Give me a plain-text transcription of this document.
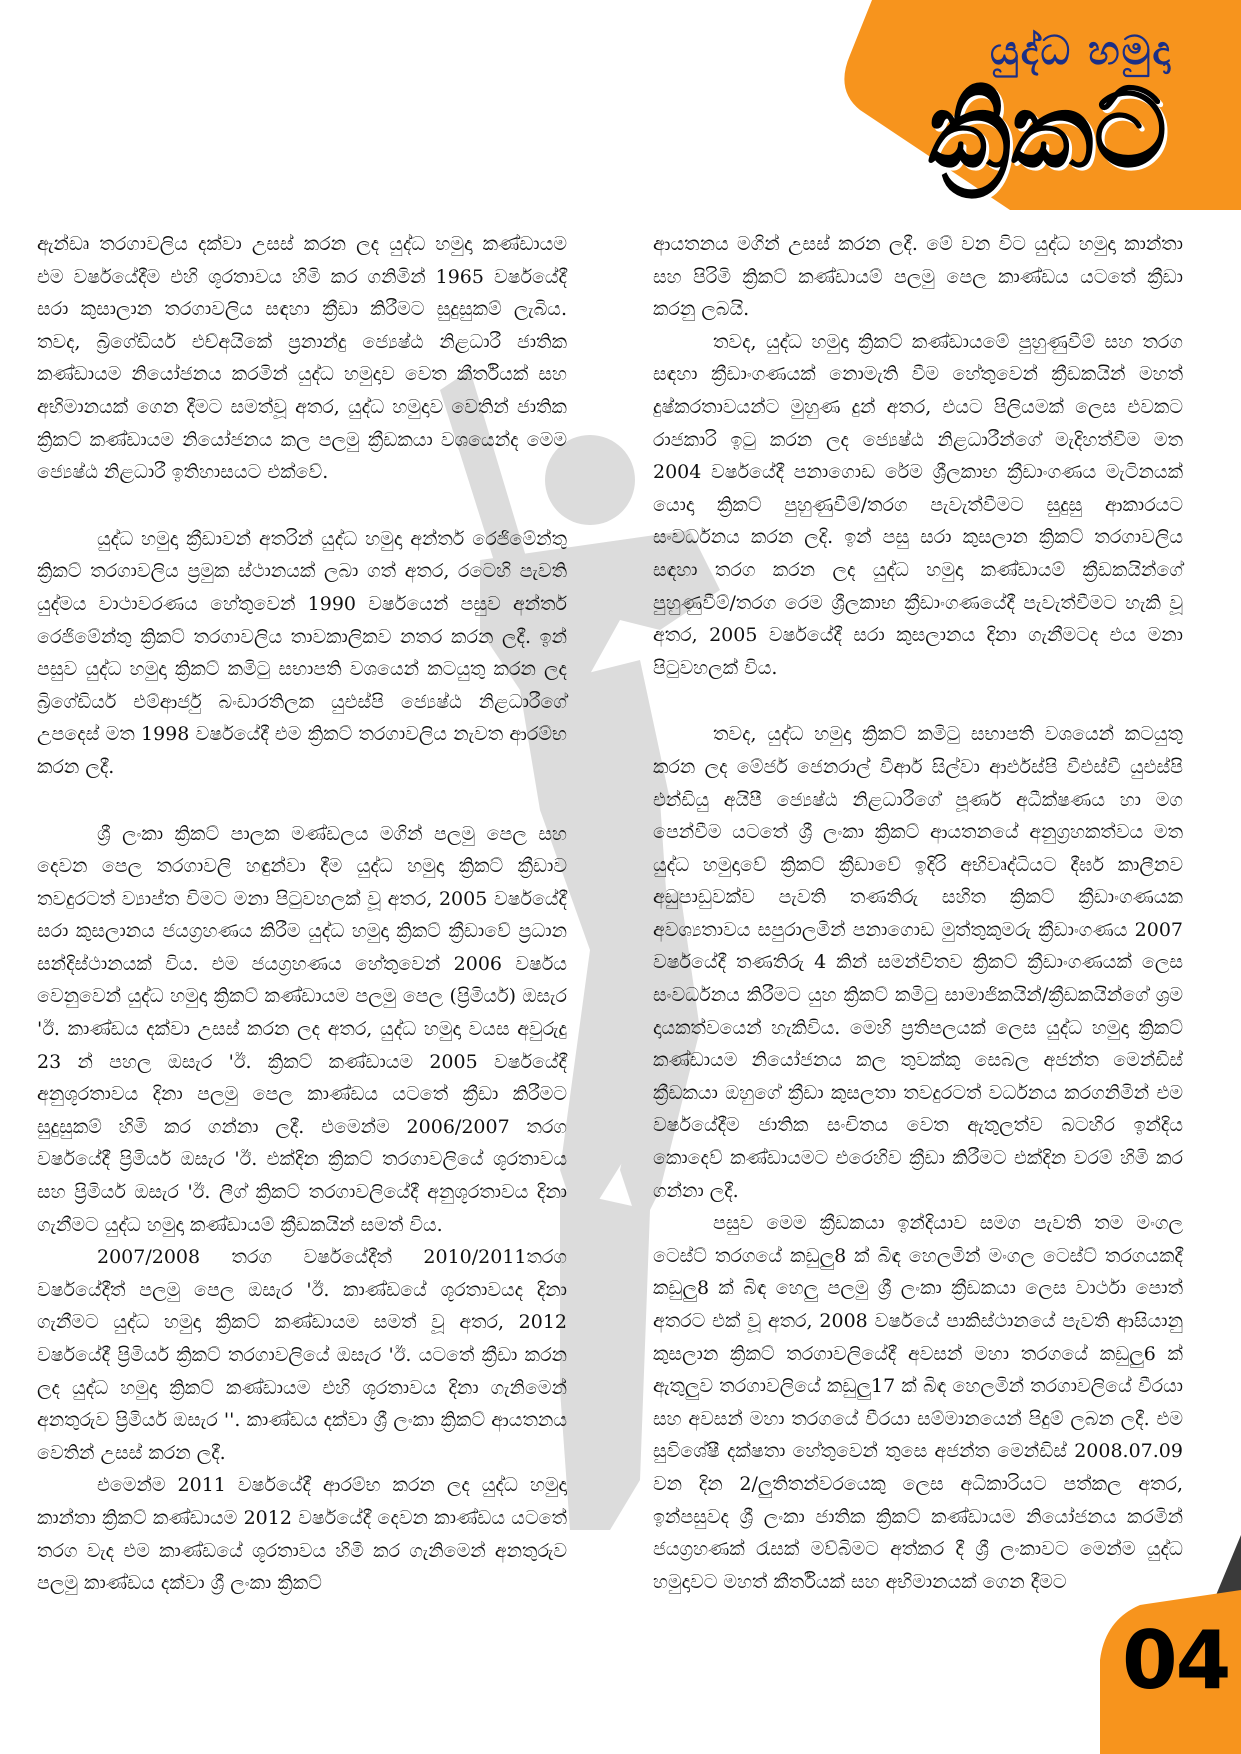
යුද්ධ හමුදා
ක්‍රිකට්

ඇන්ඩෘ තරගාවලිය දක්වා උසස් කරන ලද යුද්ධ හමුදා කණ්ඩායම එම වර්ෂයේදීම එහි ශූරතාවය හිමි කර ගනිමින් 1965 වර්ෂයේදී සරා කුසාලාන තරගාවලිය සඳහා ක්‍රීඩා කිරීමට සුදුසුකම් ලැබිය. තවද, බ්‍රිගේඩියර් එච්අයිකේ ප්‍රනාන්දු ජ්‍යෙෂ්ඨ නිළධාරී ජාතික කණ්ඩායම නියෝජනය කරමින් යුද්ධ හමුදාව වෙත කීර්තියක් සහ අභිමානයක් ගෙන දීමට සමත්වූ අතර, යුද්ධ හමුදාව වෙතින් ජාතික ක්‍රිකට් කණ්ඩායම නියෝජනය කල පලමු ක්‍රීඩකයා වශයෙන්ද මෙම ජ්‍යෙෂ්ඨ නිළධාරී ඉතිහාසයට එක්වේ.

යුද්ධ හමුදා ක්‍රීඩාවන් අතරින් යුද්ධ හමුදා අන්තර් රෙජිමේන්තු ක්‍රිකට් තරගාවලිය ප්‍රමුක ස්ථානයක් ලබා ගත් අතර, රටෙහි පැවති යුද්මය වාථාවරණය හේතුවෙන් 1990 වර්ෂයෙන් පසුව අන්තර් රෙජිමේන්තු ක්‍රිකට් තරගාවලිය තාවකාලිකව නතර කරන ලදී. ඉන් පසුව යුද්ධ හමුදා ක්‍රිකට් කමිටු සභාපති වශයෙන් කටයුතු කරන ලද බ්‍රිගේඩියර් එම්ආර්ජු බංඩාරතිලක යුඑස්පි ජ්‍යෙෂ්ඨ නිළධාරීගේ උපදෙස් මත 1998 වර්ෂයේදී එම ක්‍රිකට් තරගාවලිය නැවත ආරම්භ කරන ලදී.

ශ්‍රී ලංකා ක්‍රිකට් පාලක මණ්ඩලය මගින් පලමු පෙල සහ දෙවන පෙල තරගාවලි හඳුන්වා දීම යුද්ධ හමුදා ක්‍රිකට් ක්‍රීඩාව තවදුරටත් ව්‍යාප්ත විමට මනා පිටුවහලක් වූ අතර, 2005 වර්ෂයේදී සරා කුසලානය ජයග්‍රහණය කිරීම යුද්ධ හමුදා ක්‍රිකට් ක්‍රීඩාවේ ප්‍රධාන සන්දිස්ථානයක් විය. එම ජයග්‍රහණය හේතුවෙන් 2006 වර්ෂය වෙනුවෙන් යුද්ධ හමුදා ක්‍රිකට් කණ්ඩායම පලමු පෙල (ප්‍රිමියර්) ඔසැර 'ඊ. කාණ්ඩය දක්වා උසස් කරන ලද අතර, යුද්ධ හමුදා වයස අවුරුදු 23 න් පහල ඔසැර 'ඊ. ක්‍රිකට් කණ්ඩායම 2005 වර්ෂයේදී අනුශූරතාවය දිනා පලමු පෙල කාණ්ඩය යටතේ ක්‍රීඩා කිරීමට සුදුසුකම් හිමි කර ගන්නා ලදී. එමෙන්ම 2006/2007 තරග වර්ෂයේදී ප්‍රිමියර් ඔසැර 'ඊ. එක්දින ක්‍රිකට් තරගාවලියේ ශූරතාවය සහ ප්‍රිමියර් ඔසැර 'ඊ. ලීග් ක්‍රිකට් තරගාවලියේදී අනුශූරතාවය දිනා ගැනීමට යුද්ධ හමුදා කණ්ඩායම් ක්‍රීඩකයින් සමත් විය.

2007/2008 තරග වර්ෂයේදීත් 2010/2011තරග වර්ෂයේදීත් පලමු පෙල ඔසැර 'ඊ. කාණ්ඩයේ ශූරතාවයද දිනා ගැනීමට යුද්ධ හමුදා ක්‍රිකට් කණ්ඩායම සමත් වූ අතර, 2012 වර්ෂයේදී ප්‍රිමියර් ක්‍රිකට් තරගාවලියේ ඔසැර 'ඊ. යටතේ ක්‍රීඩා කරන ලද යුද්ධ හමුදා ක්‍රිකට් කණ්ඩායම එහි ශූරතාවය දිනා ගැනිමෙන් අනතුරුව ප්‍රිමියර් ඔසැර ''. කාණ්ඩය දක්වා ශ්‍රී ලංකා ක්‍රිකට් ආයතනය වෙතින් උසස් කරන ලදී.

එමෙන්ම 2011 වර්ෂයේදී ආරම්භ කරන ලද යුද්ධ හමුදා කාන්තා ක්‍රිකට් කණ්ඩායම 2012 වර්ෂයේදී දෙවන කාණ්ඩය යටතේ තරග වැද එම කාණ්ඩයේ ශූරතාවය හිමි කර ගැනිමෙන් අනතුරුව පලමු කාණ්ඩය දක්වා ශ්‍රී ලංකා ක්‍රිකට්

ආයතනය මගින් උසස් කරන ලදී. මේ වන විට යුද්ධ හමුදා කාන්තා සහ පිරිමි ක්‍රිකට් කණ්ඩායම් පලමු පෙල කාණ්ඩය යටතේ ක්‍රීඩා කරනු ලබයි.

තවද, යුද්ධ හමුදා ක්‍රිකට් කණ්ඩායමේ පුහුණුවීම් සහ තරග සඳහා ක්‍රීඩාංගණයක් නොමැති වීම හේතුවෙන් ක්‍රීඩකයින් මහත් දුෂ්කරතාවයන්ට මුහුණ දුන් අතර, එයට පිලියමක් ලෙස එවකට රාජකාරි ඉටු කරන ලද ජ්‍යෙෂ්ඨ නිළධාරීන්ගේ මැදිහත්වීම මත 2004 වර්ෂයේදී පනාගොඩ රේම ශ්‍රීලකාභ ක්‍රීඩාංගණය මැටිනයක් යොදා ක්‍රිකට් පුහුණුවීම්/තරග පැවැත්වීමට සුදුසු ආකාරයට සංවර්ධනය කරන ලදි. ඉන් පසු සරා කුසලාන ක්‍රිකට් තරගාවලිය සඳහා තරග කරන ලද යුද්ධ හමුදා කණ්ඩායම් ක්‍රීඩකයින්ගේ පුහුණුවීම්/තරග රෙම ශ්‍රීලකාභ ක්‍රීඩාංගණයේදී පැවැත්වීමට හැකි වූ අතර, 2005 වර්ෂයේදී සරා කුසලානය දිනා ගැනීමටද එය මනා පිටුවහලක් විය.

තවද, යුද්ධ හමුදා ක්‍රිකට් කමිටු සභාපති වශයෙන් කටයුතු කරන ලද මේජර් ජෙනරාල් වීආර් සිල්වා ආර්එස්පි වීඑස්වී යුඑස්පි එන්ඩියු අයිපී ජ්‍යෙෂ්ඨ නිළධාරීගේ පූර්ණ අධීක්ෂණය හා මග පෙන්වීම යටතේ ශ්‍රී ලංකා ක්‍රිකට් ආයතනයේ අනුග්‍රහකත්වය මත යුද්ධ හමුදාවේ ක්‍රිකට් ක්‍රීඩාවේ ඉදිරි අභිවෘද්ධියට දීර්ඝ කාලීනව අඩුපාඩුවක්ව පැවති තණතිරු සහිත ක්‍රිකට් ක්‍රීඩාංගණයක අවශ්‍යතාවය සපුරාලමින් පනාගොඩ මුත්තුකුමරු ක්‍රීඩාංගණය 2007 වර්ෂයේදී තණතිරු 4 කින් සමන්විතව ක්‍රිකට් ක්‍රීඩාංගණයක් ලෙස සංවර්ධනය කිරීමට යුහ ක්‍රිකට් කමිටු සාමාජිකයින්/ක්‍රීඩකයින්ගේ ශ්‍රම දායකත්වයෙන් හැකිවිය. මෙහි ප්‍රතිපලයක් ලෙස යුද්ධ හමුදා ක්‍රිකට් කණ්ඩායම නියෝජනය කල තුවක්කු සෙබල අජන්ත මෙන්ඩිස් ක්‍රීඩකයා ඔහුගේ ක්‍රීඩා කුසලතා තවදුරටත් වර්ධනය කරගනිමින් එම වර්ෂයේදීම ජාතික සංචිතය වෙත ඇතුලත්ව බටහිර ඉන්දිය කොදෙව් කණ්ඩායමට එරෙහිව ක්‍රීඩා කිරීමට එක්දින වරම් හිමි කර ගන්නා ලදී.

පසුව මෙම ක්‍රීඩකයා ඉන්දියාව සමග පැවති තම මංගල ටෙස්ට් තරගයේ කඩුලු8 ක් බිඳ හෙලමින් මංගල ටෙස්ට් තරගයකදී කඩුලු8 ක් බිඳ හෙලු පලමු ශ්‍රී ලංකා ක්‍රීඩකයා ලෙස වාර්ථා පොත් අතරට එක් වූ අතර, 2008 වර්ෂයේ පාකිස්ථානයේ පැවති ආසියානු කුසලාන ක්‍රිකට් තරගාවලියේදී අවසන් මහා තරගයේ කඩුලු6 ක් ඇතුලුව තරගාවලියේ කඩුලු17 ක් බිඳ හෙලමින් තරගාවලියේ වීරයා සහ අවසන් මහා තරගයේ වීරයා සම්මානයෙන් පිදුම් ලබන ලදී. එම සුවිශේෂී දක්ෂතා හේතුවෙන් තුසෙ අජන්ත මෙන්ඩිස් 2008.07.09 වන දින 2/ලුතිතන්වරයෙකු ලෙස අධිකාරියට පත්කල අතර, ඉන්පසුවද ශ්‍රී ලංකා ජාතික ක්‍රිකට් කණ්ඩායම නියෝජනය කරමින් ජයග්‍රහණක් රැසක් මව්බිමට අත්කර දී ශ්‍රී ලංකාවට මෙන්ම යුද්ධ හමුදාවට මහත් කීර්තියක් සහ අභිමානයක් ගෙන දීමට

04
